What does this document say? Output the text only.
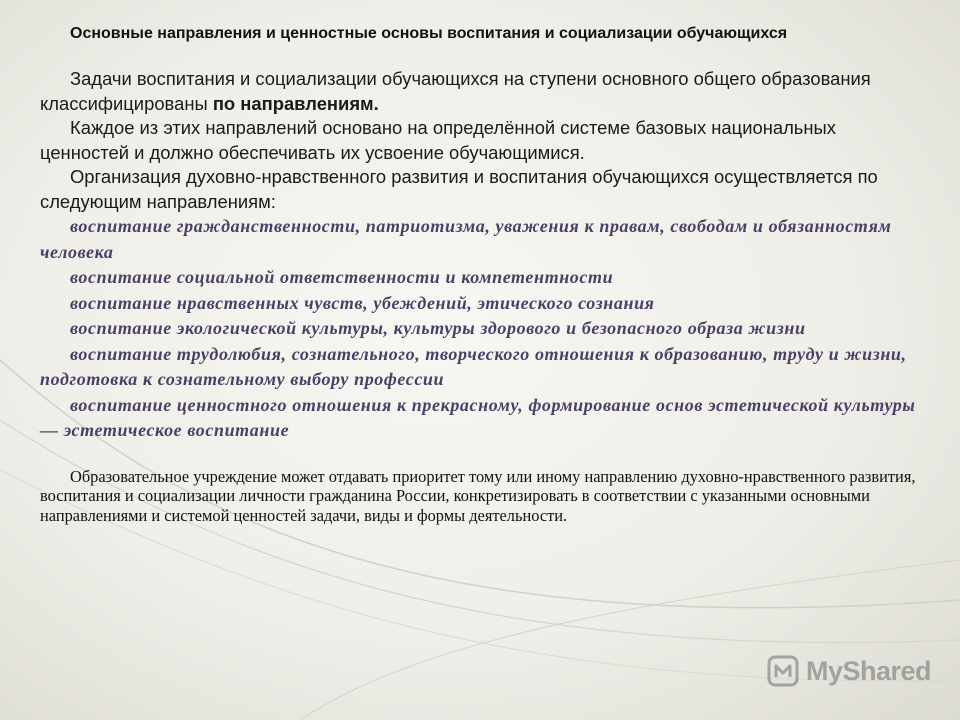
Основные направления и ценностные основы воспитания и социализации обучающихся

Задачи воспитания и социализации обучающихся на ступени основного общего образования классифицированы по направлениям.

Каждое из этих направлений основано на определённой системе базовых национальных ценностей и должно обеспечивать их усвоение обучающимися.

Организация духовно-нравственного развития и воспитания обучающихся осуществляется по следующим направлениям:

воспитание гражданственности, патриотизма, уважения к правам, свободам и обязанностям человека
воспитание социальной ответственности и компетентности
воспитание нравственных чувств, убеждений, этического сознания
воспитание экологической культуры, культуры здорового и безопасного образа жизни
воспитание трудолюбия, сознательного, творческого отношения к образованию, труду и жизни, подготовка к сознательному выбору профессии
воспитание ценностного отношения к прекрасному, формирование основ эстетической культуры — эстетическое воспитание

Образовательное учреждение может отдавать приоритет тому или иному направлению духовно-нравственного развития, воспитания и социализации личности гражданина России, конкретизировать в соответствии с указанными основными направлениями и системой ценностей задачи, виды и формы деятельности.

MyShared
